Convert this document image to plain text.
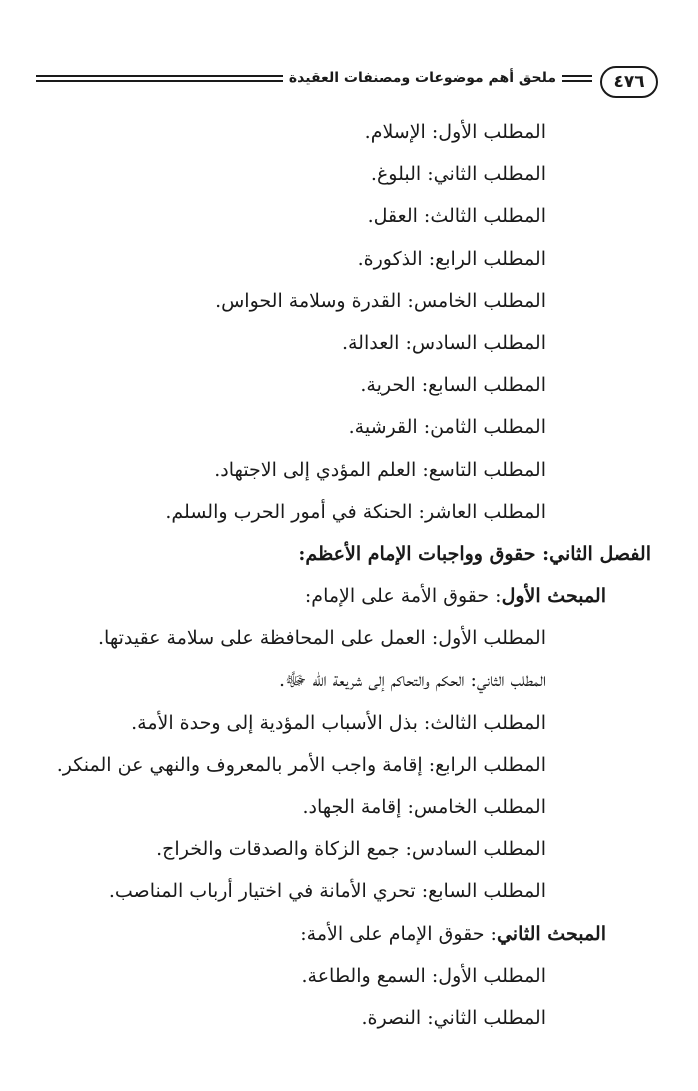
٤٧٦
ملحق أهم موضوعات ومصنفات العقيدة
المطلب الأول: الإسلام.
المطلب الثاني: البلوغ.
المطلب الثالث: العقل.
المطلب الرابع: الذكورة.
المطلب الخامس: القدرة وسلامة الحواس.
المطلب السادس: العدالة.
المطلب السابع: الحرية.
المطلب الثامن: القرشية.
المطلب التاسع: العلم المؤدي إلى الاجتهاد.
المطلب العاشر: الحنكة في أمور الحرب والسلم.
الفصل الثاني: حقوق وواجبات الإمام الأعظم:
المبحث الأول: حقوق الأمة على الإمام:
المطلب الأول: العمل على المحافظة على سلامة عقيدتها.
المطلب الثاني: الحكم والتحاكم إلى شريعة الله ﷻ.
المطلب الثالث: بذل الأسباب المؤدية إلى وحدة الأمة.
المطلب الرابع: إقامة واجب الأمر بالمعروف والنهي عن المنكر.
المطلب الخامس: إقامة الجهاد.
المطلب السادس: جمع الزكاة والصدقات والخراج.
المطلب السابع: تحري الأمانة في اختيار أرباب المناصب.
المبحث الثاني: حقوق الإمام على الأمة:
المطلب الأول: السمع والطاعة.
المطلب الثاني: النصرة.
